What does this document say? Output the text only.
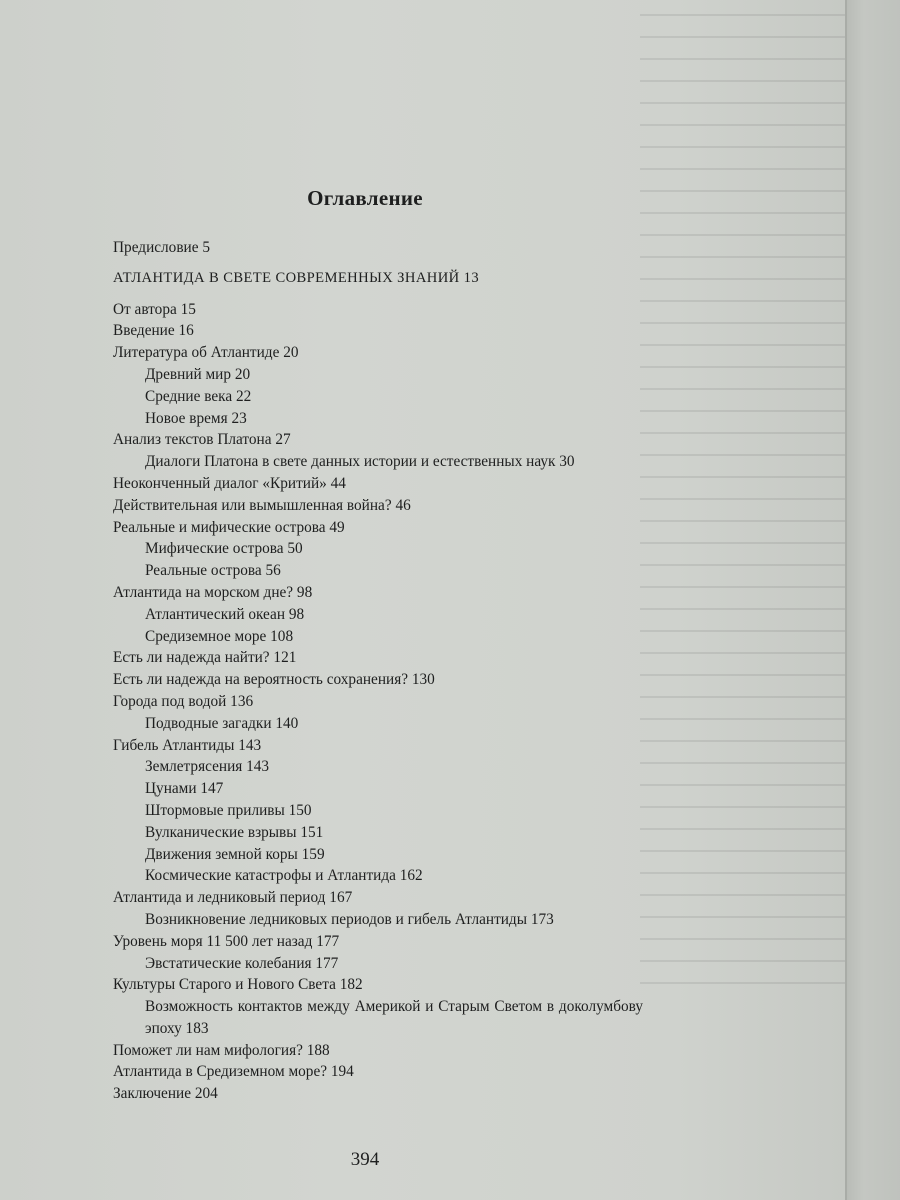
Оглавление
Предисловие 5
АТЛАНТИДА В СВЕТЕ СОВРЕМЕННЫХ ЗНАНИЙ 13
От автора 15
Введение 16
Литература об Атлантиде 20
Древний мир 20
Средние века 22
Новое время 23
Анализ текстов Платона 27
Диалоги Платона в свете данных истории и естественных наук 30
Неоконченный диалог «Критий» 44
Действительная или вымышленная война? 46
Реальные и мифические острова 49
Мифические острова 50
Реальные острова 56
Атлантида на морском дне? 98
Атлантический океан 98
Средиземное море 108
Есть ли надежда найти? 121
Есть ли надежда на вероятность сохранения? 130
Города под водой 136
Подводные загадки 140
Гибель Атлантиды 143
Землетрясения 143
Цунами 147
Штормовые приливы 150
Вулканические взрывы 151
Движения земной коры 159
Космические катастрофы и Атлантида 162
Атлантида и ледниковый период 167
Возникновение ледниковых периодов и гибель Атлантиды 173
Уровень моря 11 500 лет назад 177
Эвстатические колебания 177
Культуры Старого и Нового Света 182
Возможность контактов между Америкой и Старым Светом в доколумбову эпоху 183
Поможет ли нам мифология? 188
Атлантида в Средиземном море? 194
Заключение 204
394
